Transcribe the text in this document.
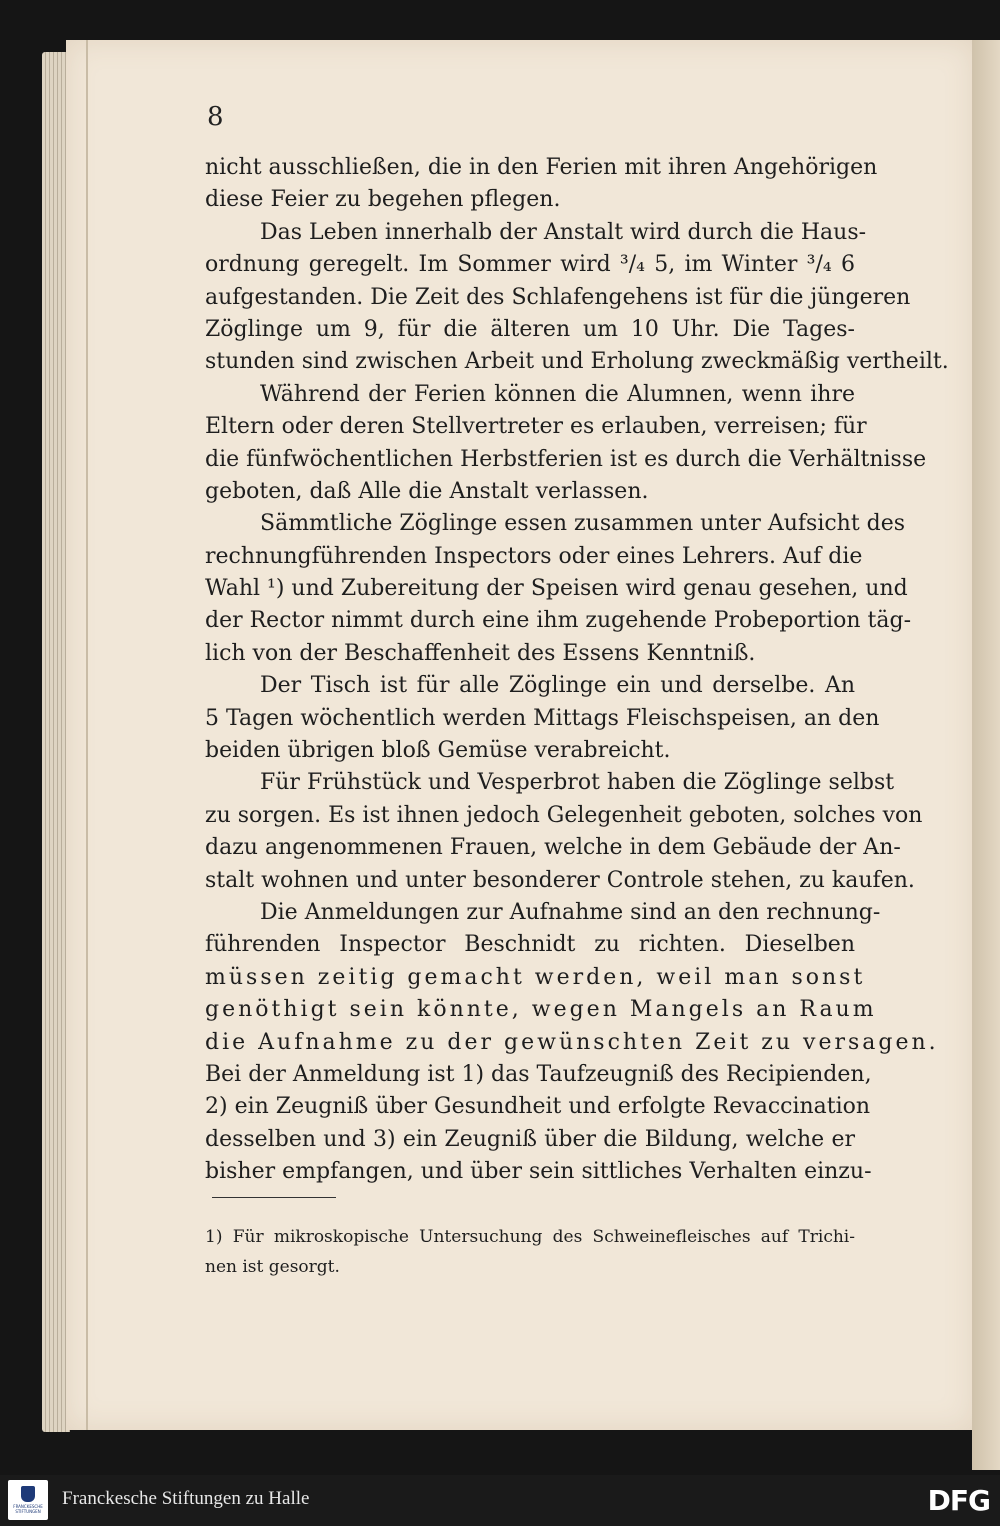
8
nicht ausschließen, die in den Ferien mit ihren Angehörigen
diese Feier zu begehen pflegen.
Das Leben innerhalb der Anstalt wird durch die Haus-
ordnung geregelt. Im Sommer wird ³/₄ 5, im Winter ³/₄ 6
aufgestanden. Die Zeit des Schlafengehens ist für die jüngeren
Zöglinge um 9, für die älteren um 10 Uhr. Die Tages-
stunden sind zwischen Arbeit und Erholung zweckmäßig vertheilt.
Während der Ferien können die Alumnen, wenn ihre
Eltern oder deren Stellvertreter es erlauben, verreisen; für
die fünfwöchentlichen Herbstferien ist es durch die Verhältnisse
geboten, daß Alle die Anstalt verlassen.
Sämmtliche Zöglinge essen zusammen unter Aufsicht des
rechnungführenden Inspectors oder eines Lehrers. Auf die
Wahl ¹) und Zubereitung der Speisen wird genau gesehen, und
der Rector nimmt durch eine ihm zugehende Probeportion täg-
lich von der Beschaffenheit des Essens Kenntniß.
Der Tisch ist für alle Zöglinge ein und derselbe. An
5 Tagen wöchentlich werden Mittags Fleischspeisen, an den
beiden übrigen bloß Gemüse verabreicht.
Für Frühstück und Vesperbrot haben die Zöglinge selbst
zu sorgen. Es ist ihnen jedoch Gelegenheit geboten, solches von
dazu angenommenen Frauen, welche in dem Gebäude der An-
stalt wohnen und unter besonderer Controle stehen, zu kaufen.
Die Anmeldungen zur Aufnahme sind an den rechnung-
führenden Inspector Beschnidt zu richten. Dieselben
müssen zeitig gemacht werden, weil man sonst
genöthigt sein könnte, wegen Mangels an Raum
die Aufnahme zu der gewünschten Zeit zu versagen.
Bei der Anmeldung ist 1) das Taufzeugniß des Recipienden,
2) ein Zeugniß über Gesundheit und erfolgte Revaccination
desselben und 3) ein Zeugniß über die Bildung, welche er
bisher empfangen, und über sein sittliches Verhalten einzu-
1) Für mikroskopische Untersuchung des Schweinefleisches auf Trichi-
nen ist gesorgt.
FRANCKESCHE STIFTUNGEN
Franckesche Stiftungen zu Halle	DFG
